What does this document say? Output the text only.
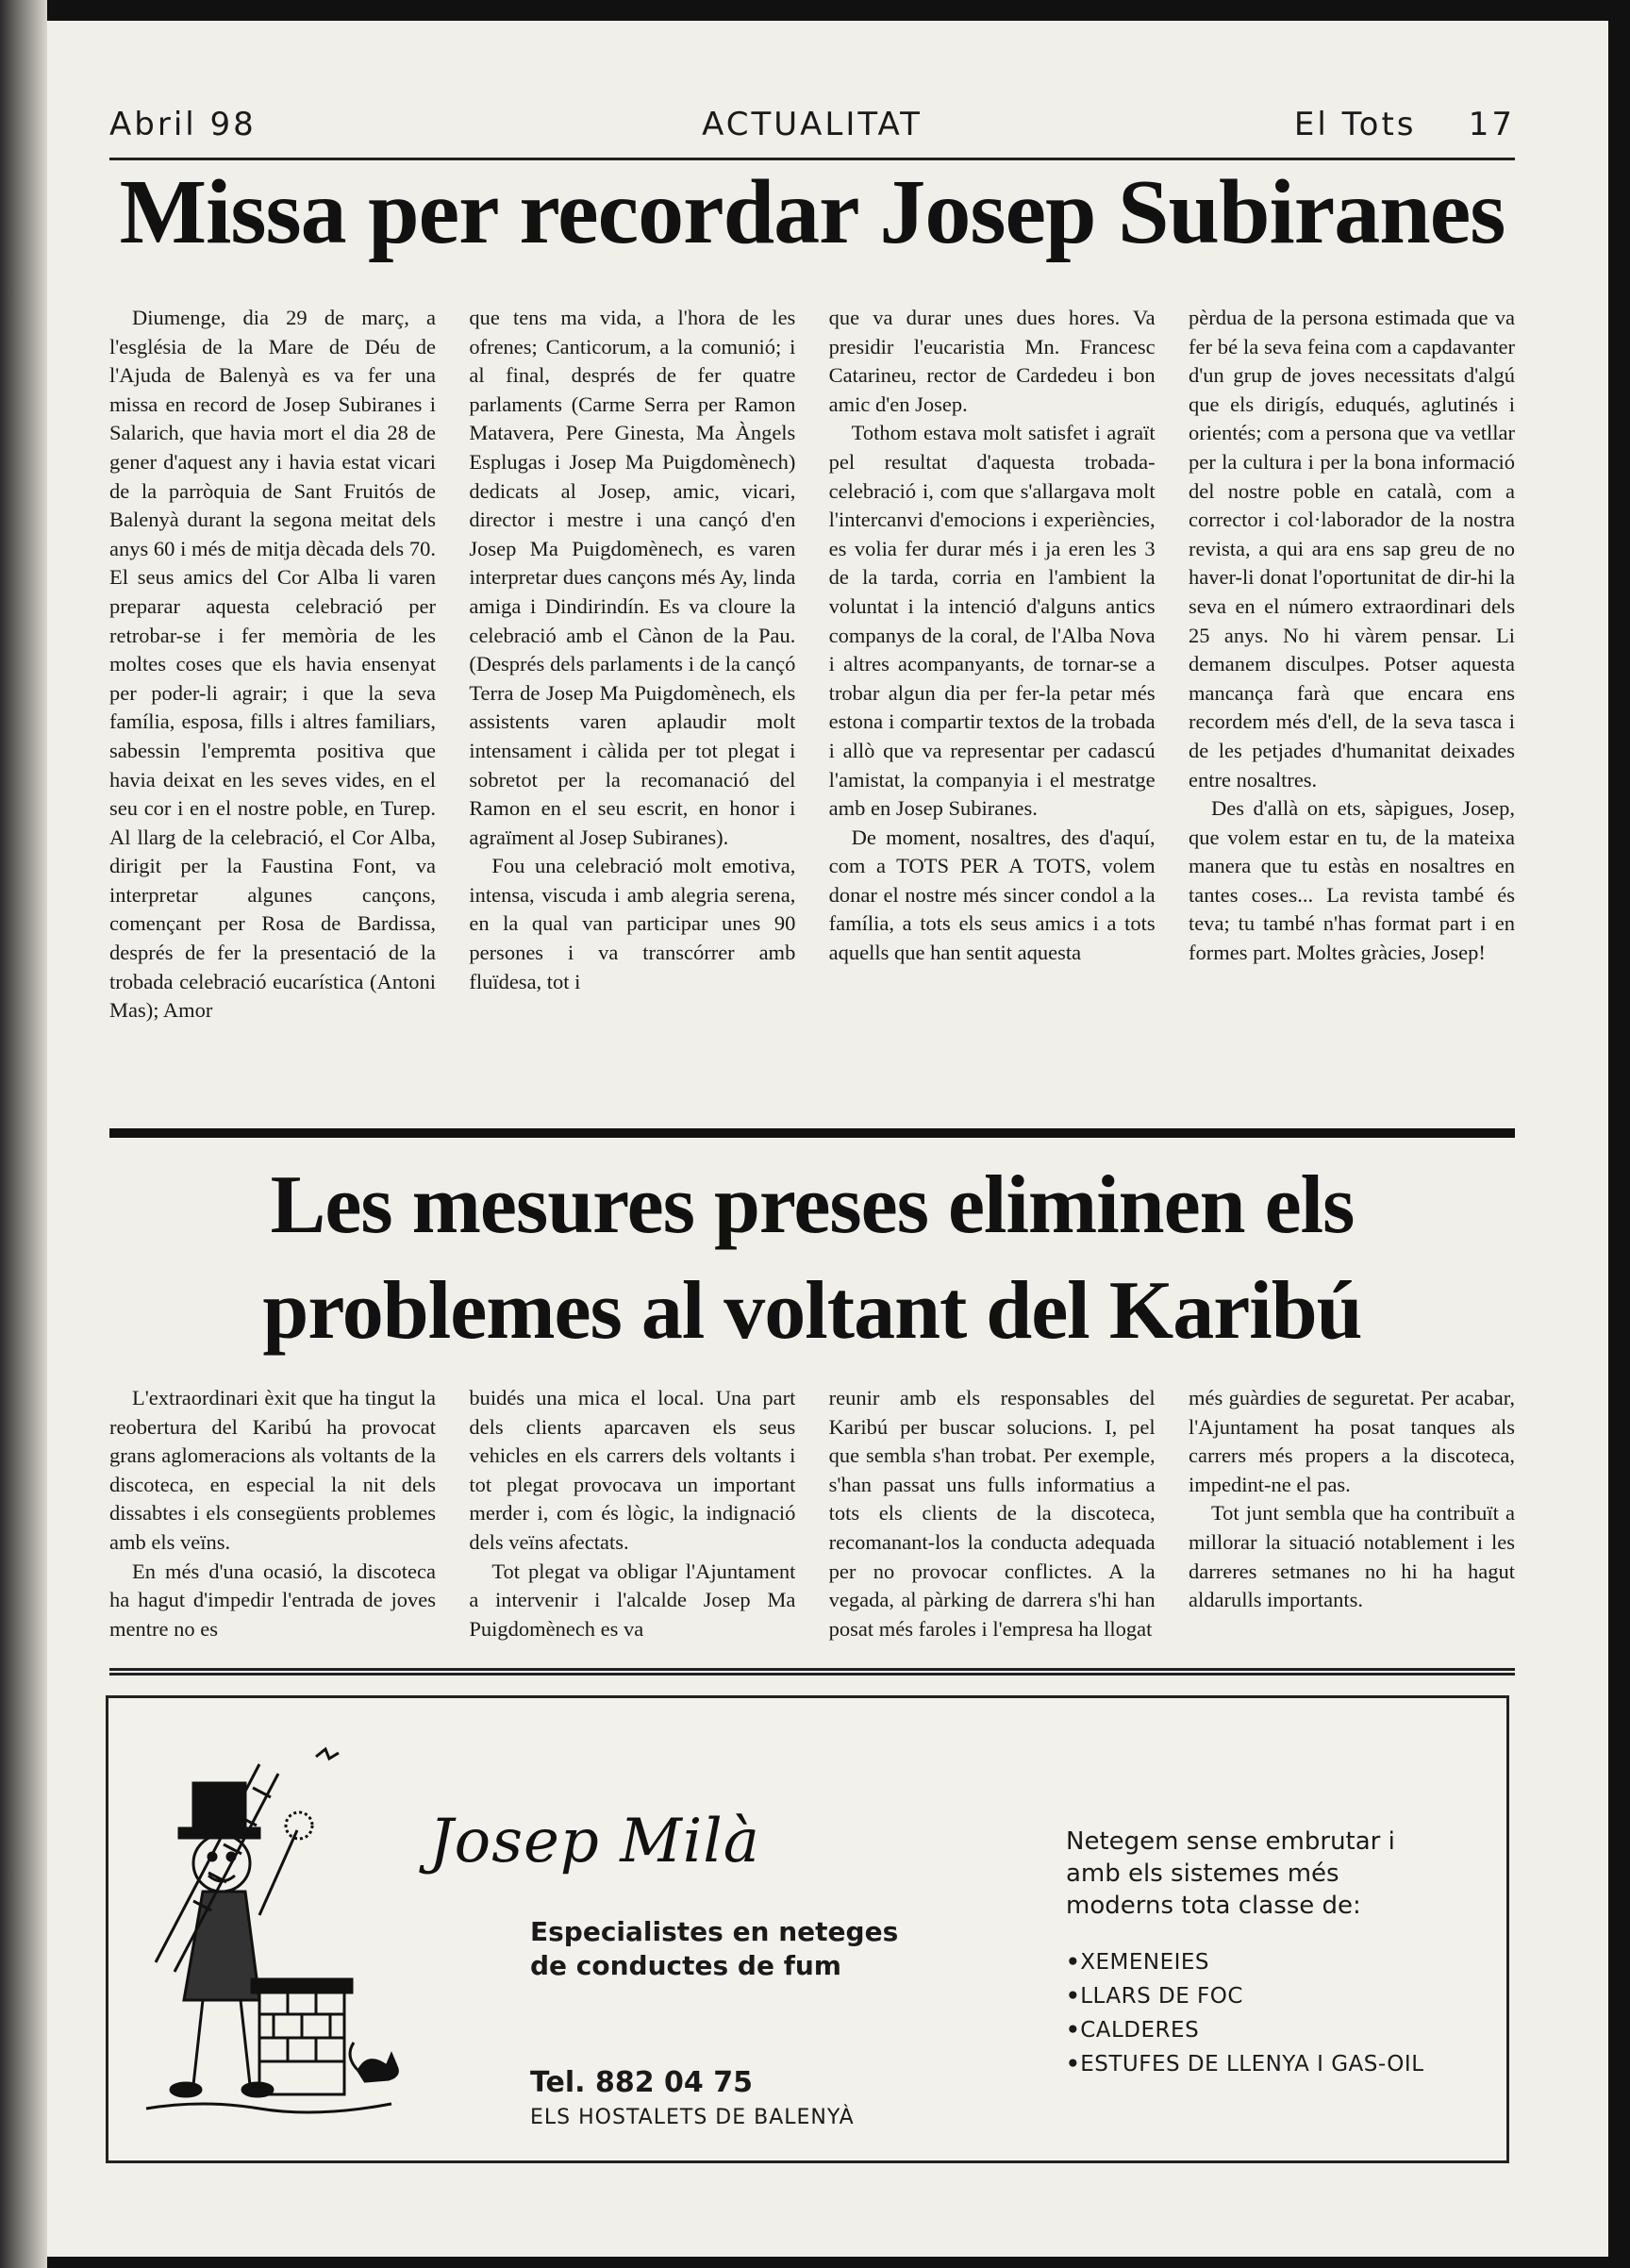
Abril 98	ACTUALITAT	El Tots 17
Missa per recordar Josep Subiranes

Diumenge, dia 29 de març, a l'església de la Mare de Déu de l'Ajuda de Balenyà es va fer una missa en record de Josep Subiranes i Salarich, que havia mort el dia 28 de gener d'aquest any i havia estat vicari de la parròquia de Sant Fruitós de Balenyà durant la segona meitat dels anys 60 i més de mitja dècada dels 70. El seus amics del Cor Alba li varen preparar aquesta celebració per retrobar-se i fer memòria de les moltes coses que els havia ensenyat per poder-li agrair; i que la seva família, esposa, fills i altres familiars, sabessin l'empremta positiva que havia deixat en les seves vides, en el seu cor i en el nostre poble, en Turep. Al llarg de la celebració, el Cor Alba, dirigit per la Faustina Font, va interpretar algunes cançons, començant per Rosa de Bardissa, després de fer la presentació de la trobada celebració eucarística (Antoni Mas); Amor

que tens ma vida, a l'hora de les ofrenes; Canticorum, a la comunió; i al final, després de fer quatre parlaments (Carme Serra per Ramon Matavera, Pere Ginesta, Ma Àngels Esplugas i Josep Ma Puigdomènech) dedicats al Josep, amic, vicari, director i mestre i una cançó d'en Josep Ma Puigdomènech, es varen interpretar dues cançons més Ay, linda amiga i Dindirindín. Es va cloure la celebració amb el Cànon de la Pau. (Després dels parlaments i de la cançó Terra de Josep Ma Puigdomènech, els assistents varen aplaudir molt intensament i càlida per tot plegat i sobretot per la recomanació del Ramon en el seu escrit, en honor i agraïment al Josep Subiranes).

Fou una celebració molt emotiva, intensa, viscuda i amb alegria serena, en la qual van participar unes 90 persones i va transcórrer amb fluïdesa, tot i

que va durar unes dues hores. Va presidir l'eucaristia Mn. Francesc Catarineu, rector de Cardedeu i bon amic d'en Josep.

Tothom estava molt satisfet i agraït pel resultat d'aquesta trobada-celebració i, com que s'allargava molt l'intercanvi d'emocions i experiències, es volia fer durar més i ja eren les 3 de la tarda, corria en l'ambient la voluntat i la intenció d'alguns antics companys de la coral, de l'Alba Nova i altres acompanyants, de tornar-se a trobar algun dia per fer-la petar més estona i compartir textos de la trobada i allò que va representar per cadascú l'amistat, la companyia i el mestratge amb en Josep Subiranes.

De moment, nosaltres, des d'aquí, com a TOTS PER A TOTS, volem donar el nostre més sincer condol a la família, a tots els seus amics i a tots aquells que han sentit aquesta

pèrdua de la persona estimada que va fer bé la seva feina com a capdavanter d'un grup de joves necessitats d'algú que els dirigís, eduqués, aglutinés i orientés; com a persona que va vetllar per la cultura i per la bona informació del nostre poble en català, com a corrector i col·laborador de la nostra revista, a qui ara ens sap greu de no haver-li donat l'oportunitat de dir-hi la seva en el número extraordinari dels 25 anys. No hi vàrem pensar. Li demanem disculpes. Potser aquesta mancança farà que encara ens recordem més d'ell, de la seva tasca i de les petjades d'humanitat deixades entre nosaltres.

Des d'allà on ets, sàpigues, Josep, que volem estar en tu, de la mateixa manera que tu estàs en nosaltres en tantes coses... La revista també és teva; tu també n'has format part i en formes part. Moltes gràcies, Josep!

Les mesures preses eliminen els
problemes al voltant del Karibú

L'extraordinari èxit que ha tingut la reobertura del Karibú ha provocat grans aglomeracions als voltants de la discoteca, en especial la nit dels dissabtes i els consegüents problemes amb els veïns.

En més d'una ocasió, la discoteca ha hagut d'impedir l'entrada de joves mentre no es

buidés una mica el local. Una part dels clients aparcaven els seus vehicles en els carrers dels voltants i tot plegat provocava un important merder i, com és lògic, la indignació dels veïns afectats.

Tot plegat va obligar l'Ajuntament a intervenir i l'alcalde Josep Ma Puigdomènech es va

reunir amb els responsables del Karibú per buscar solucions. I, pel que sembla s'han trobat. Per exemple, s'han passat uns fulls informatius a tots els clients de la discoteca, recomanant-los la conducta adequada per no provocar conflictes. A la vegada, al pàrking de darrera s'hi han posat més faroles i l'empresa ha llogat

més guàrdies de seguretat. Per acabar, l'Ajuntament ha posat tanques als carrers més propers a la discoteca, impedint-ne el pas.

Tot junt sembla que ha contribuït a millorar la situació notablement i les darreres setmanes no hi ha hagut aldarulls importants.

Josep Milà
Especialistes en neteges de conductes de fum
Tel. 882 04 75
ELS HOSTALETS DE BALENYÀ
Netegem sense embrutar i amb els sistemes més moderns tota classe de:
• XEMENEIES
• LLARS DE FOC
• CALDERES
• ESTUFES DE LLENYA I GAS-OIL
